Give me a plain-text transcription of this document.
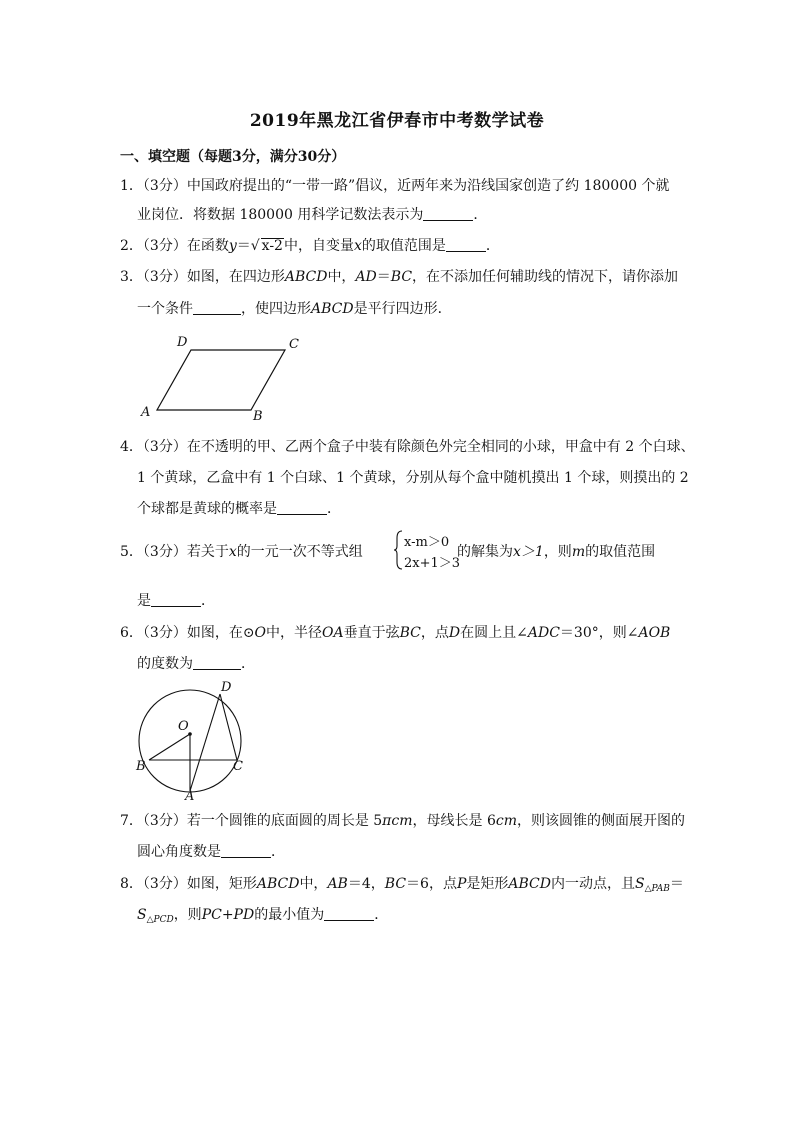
2019年黑龙江省伊春市中考数学试卷
一、填空题（每题3分，满分30分）
1．（3分）中国政府提出的“一带一路”倡议，近两年来为沿线国家创造了约 180000 个就
业岗位．将数据 180000 用科学记数法表示为	．
2．（3分）在函数y＝√ x-2中，自变量x的取值范围是	．
3．（3分）如图，在四边形ABCD中，AD＝BC，在不添加任何辅助线的情况下，请你添加
一个条件	，使四边形ABCD是平行四边形．
A	B
C
D
4．（3分）在不透明的甲、乙两个盒子中装有除颜色外完全相同的小球，甲盒中有 2 个白球、
1 个黄球，乙盒中有 1 个白球、1 个黄球，分别从每个盒中随机摸出 1 个球，则摸出的 2
个球都是黄球的概率是	．
5．（3分）若关于x的一元一次不等式组
x-m＞0
2x+1＞3
的解集为x＞1，则m的取值范围
是	．
6．（3分）如图，在⊙O中，半径OA垂直于弦BC，点D在圆上且∠ADC＝30°，则∠AOB
的度数为	．
O
B	C
D
A
7．（3分）若一个圆锥的底面圆的周长是 5πcm，母线长是 6cm，则该圆锥的侧面展开图的
圆心角度数是	．
8．（3分）如图，矩形ABCD中，AB＝4，BC＝6，点P是矩形ABCD内一动点，且$S_{\triangle PAB}=$
$S_{\triangle PCD}$，则PC+PD的最小值为	．
